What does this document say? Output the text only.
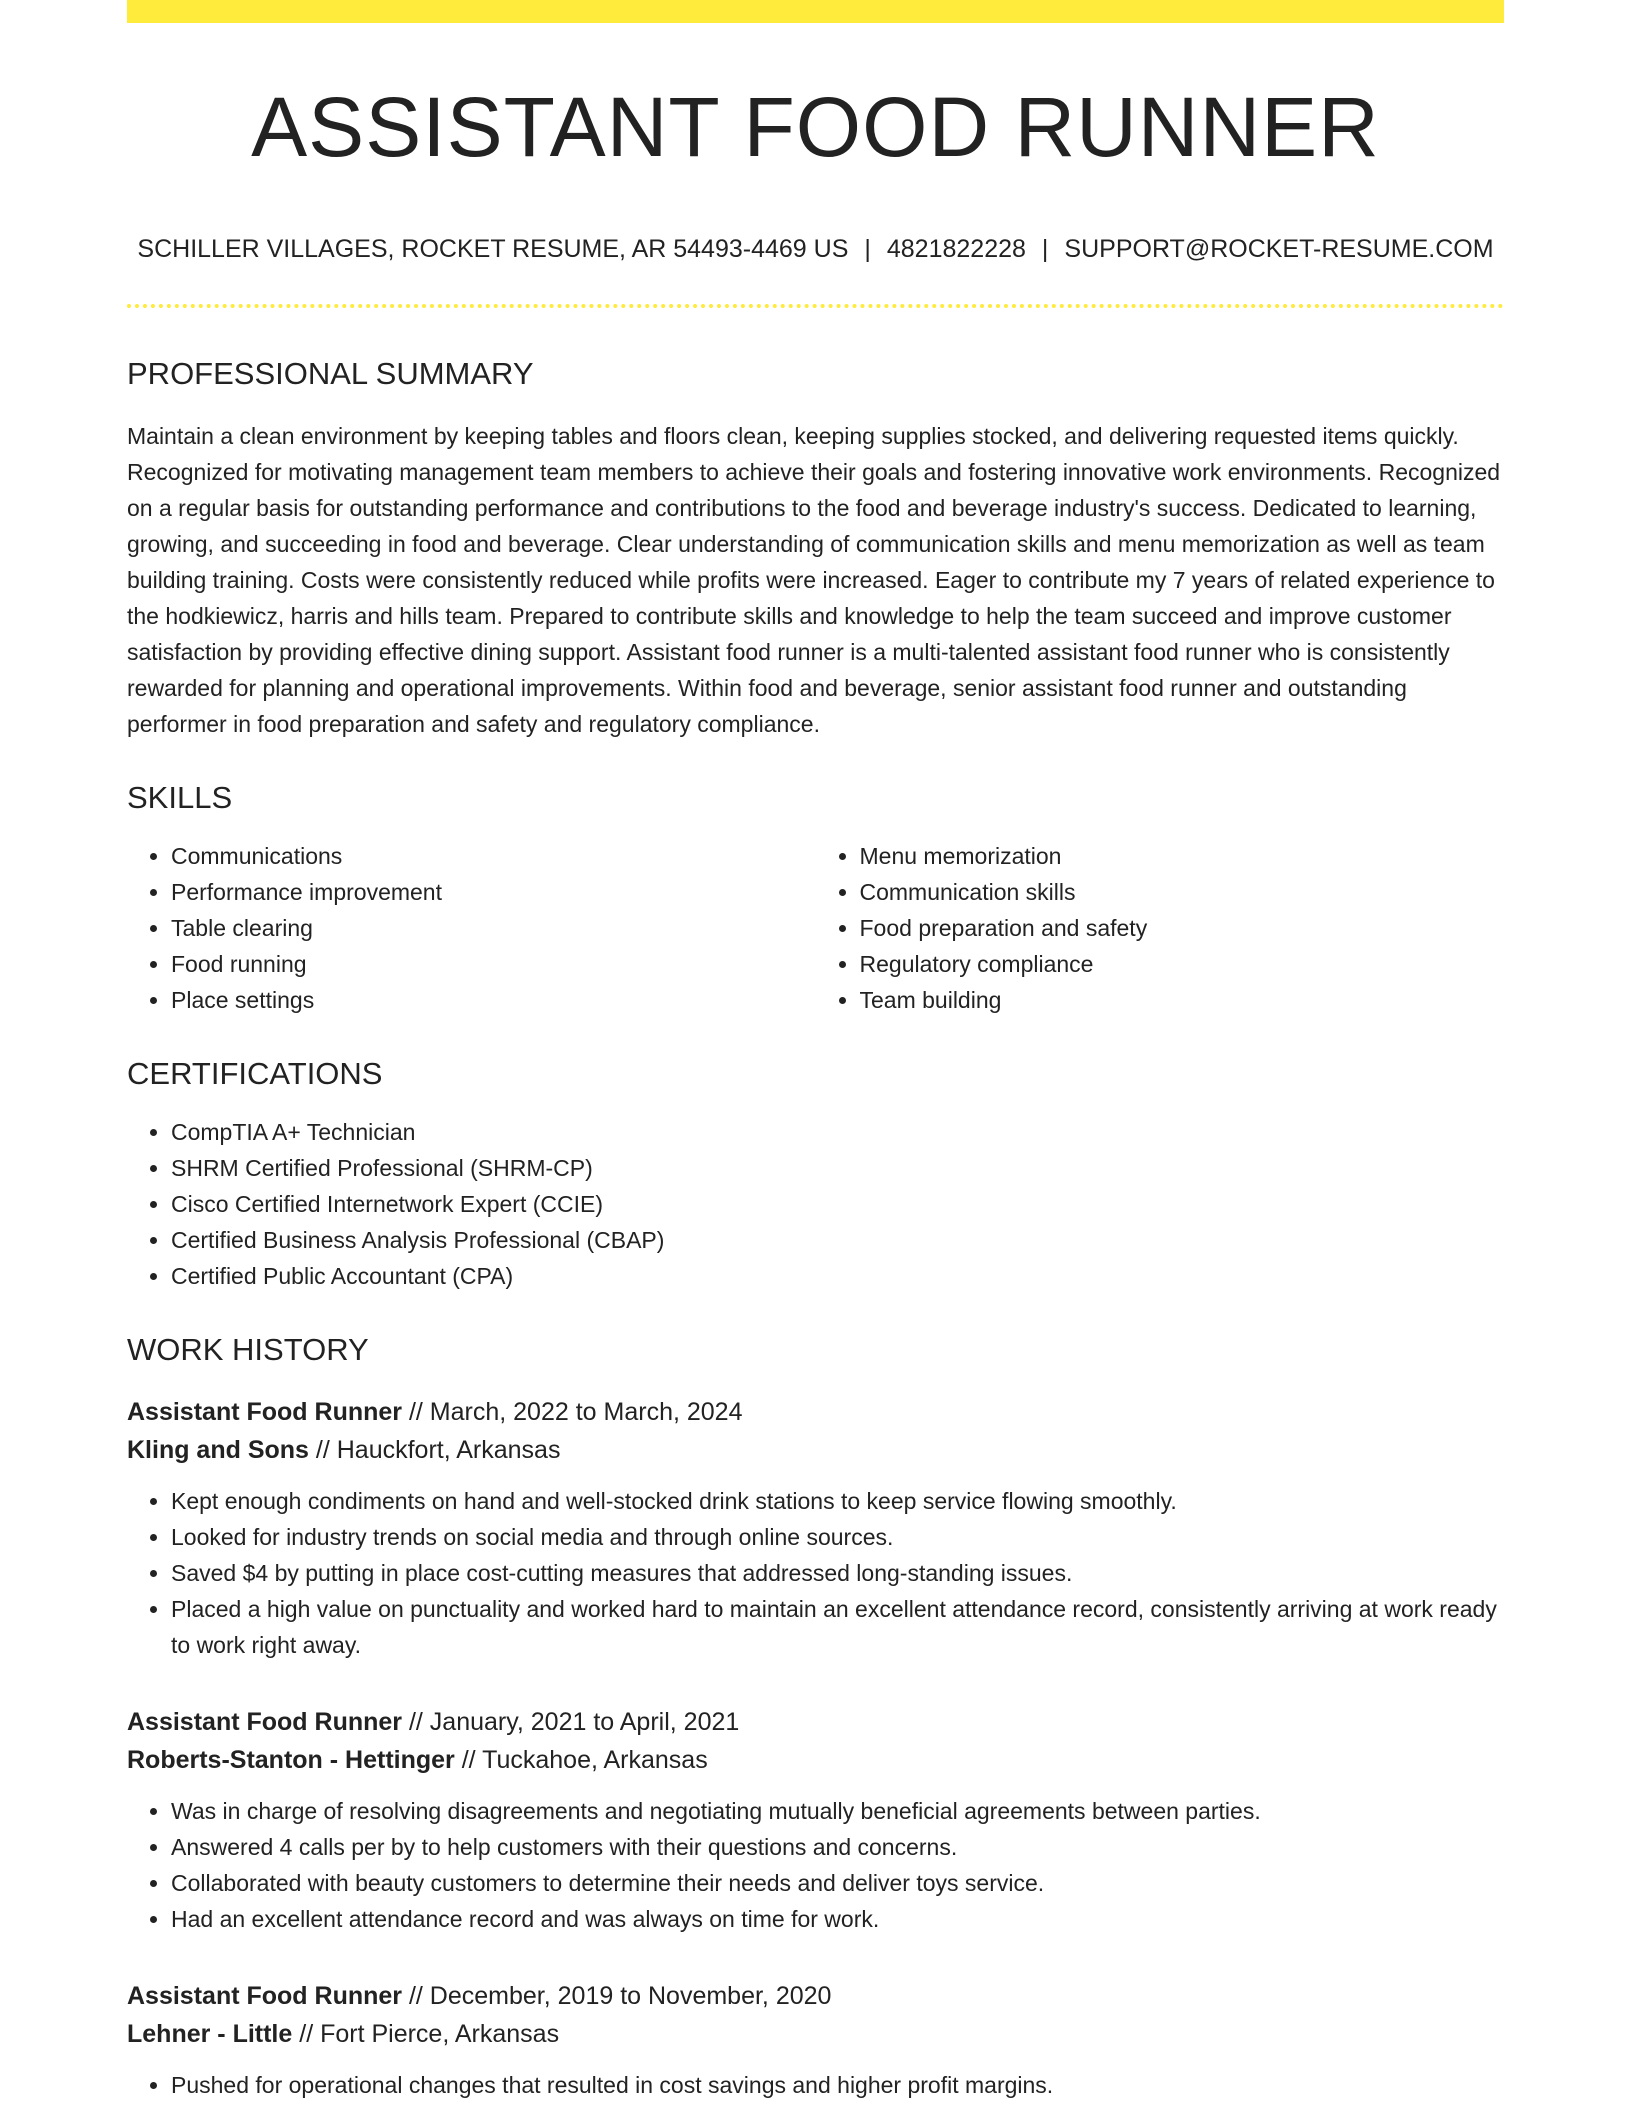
ASSISTANT FOOD RUNNER
SCHILLER VILLAGES, ROCKET RESUME, AR 54493-4469 US | 4821822228 | SUPPORT@ROCKET-RESUME.COM
PROFESSIONAL SUMMARY

Maintain a clean environment by keeping tables and floors clean, keeping supplies stocked, and delivering requested items quickly. Recognized for motivating management team members to achieve their goals and fostering innovative work environments. Recognized on a regular basis for outstanding performance and contributions to the food and beverage industry's success. Dedicated to learning, growing, and succeeding in food and beverage. Clear understanding of communication skills and menu memorization as well as team building training. Costs were consistently reduced while profits were increased. Eager to contribute my 7 years of related experience to the hodkiewicz, harris and hills team. Prepared to contribute skills and knowledge to help the team succeed and improve customer satisfaction by providing effective dining support. Assistant food runner is a multi-talented assistant food runner who is consistently rewarded for planning and operational improvements. Within food and beverage, senior assistant food runner and outstanding performer in food preparation and safety and regulatory compliance.

SKILLS
• Communications
• Performance improvement
• Table clearing
• Food running
• Place settings
• Menu memorization
• Communication skills
• Food preparation and safety
• Regulatory compliance
• Team building
CERTIFICATIONS
• CompTIA A+ Technician
• SHRM Certified Professional (SHRM-CP)
• Cisco Certified Internetwork Expert (CCIE)
• Certified Business Analysis Professional (CBAP)
• Certified Public Accountant (CPA)
WORK HISTORY
Assistant Food Runner // March, 2022 to March, 2024
Kling and Sons // Hauckfort, Arkansas
• Kept enough condiments on hand and well-stocked drink stations to keep service flowing smoothly.
• Looked for industry trends on social media and through online sources.
• Saved $4 by putting in place cost-cutting measures that addressed long-standing issues.
• Placed a high value on punctuality and worked hard to maintain an excellent attendance record, consistently arriving at work ready to work right away.
Assistant Food Runner // January, 2021 to April, 2021
Roberts-Stanton - Hettinger // Tuckahoe, Arkansas
• Was in charge of resolving disagreements and negotiating mutually beneficial agreements between parties.
• Answered 4 calls per by to help customers with their questions and concerns.
• Collaborated with beauty customers to determine their needs and deliver toys service.
• Had an excellent attendance record and was always on time for work.
Assistant Food Runner // December, 2019 to November, 2020
Lehner - Little // Fort Pierce, Arkansas
• Pushed for operational changes that resulted in cost savings and higher profit margins.
